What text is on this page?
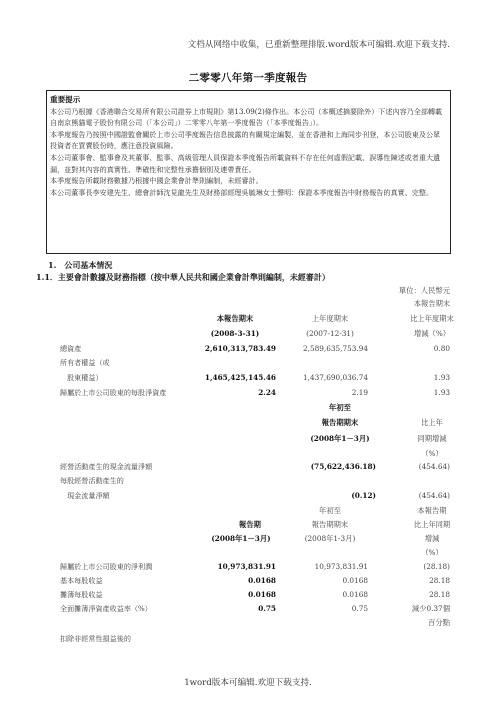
文档从网络中收集，已重新整理排版.word版本可编辑.欢迎下载支持.
二零零八年第一季度報告
重要提示

本公司乃根據《香港聯合交易所有限公司證券上市規則》第13.09(2)條作出。本公司（本概述摘要除外）下述內容乃全部轉載自南京熊貓電子股份有限公司（「本公司」）二零零八年第一季度報告（「本季度報告」）。

本季度報告乃按照中國證監會關於上市公司季度報告信息披露的有關規定編製，並在香港和上海同步刊登，本公司股東及公眾投資者在買賣股份時，應注意投資風險。

本公司董事會、監事會及其董事、監事、高級管理人員保證本季度報告所載資料不存在任何虛假記載、誤導性陳述或者重大遺漏，並對其內容的真實性、準確性和完整性承擔個別及連帶責任。

本季度報告所載財務數據乃根據中國企業會計準則編制，未經審計。

本公司董事長李安建先生、總會計師沈見龍先生及財務部經理吳毓琳女士聲明：保證本季度報告中財務報告的真實、完整。

1.　公司基本情況
1.1．主要會計數據及財務指標（按中華人民共和國企業會計準則編制，未經審計）
單位：人民幣元
本報告期末
本報告期末	上年度期末	比上年度期末
(2008-3-31)	(2007-12-31)	增減（%）
總資產	2,610,313,783.49	2,589,635,753.94	0.80
所有者權益（或
　股東權益）	1,465,425,145.46	1,437,690,036.74	1.93
歸屬於上市公司股東的每股淨資產	2.24	2.19	1.93
年初至
報告期期末	比上年
(2008年1－3月)	同期增減
（%）
經營活動產生的現金流量淨額	(75,622,436.18)	(454.64)
每股經營活動產生的
　現金流量淨額	(0.12)	(454.64)
年初至	本報告期
報告期	報告期期末	比上年同期
(2008年1－3月)	(2008年1-3月)	增減
（%）
歸屬於上市公司股東的淨利潤	10,973,831.91	10,973,831.91	(28.18)
基本每股收益	0.0168	0.0168	28.18
攤薄每股收益	0.0168	0.0168	28.18
全面攤薄淨資產收益率（%）	0.75	0.75	減少0.37個
百分點
扣除非經常性損益後的
1word版本可编辑.欢迎下载支持.
